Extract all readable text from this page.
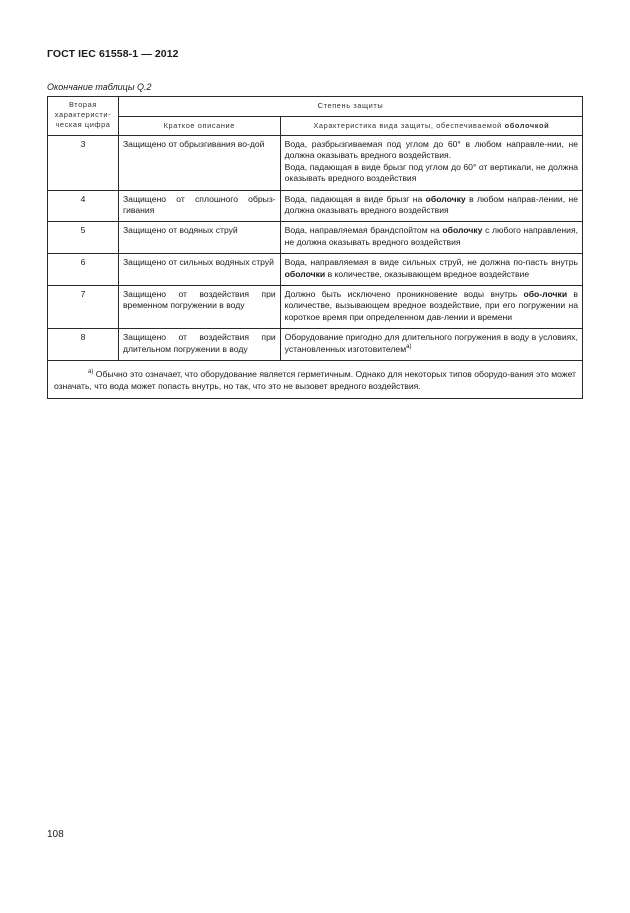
ГОСТ IEC 61558-1 — 2012
Окончание таблицы Q.2
Вторая характеристи-ческая цифра	Степень защиты	
	Краткое описание	Характеристика вида защиты, обеспечиваемой оболочкой
3	Защищено от обрызгивания во-дой	Вода, разбрызгиваемая под углом до 60° в любом направле-нии, не должна оказывать вредного воздействия.
Вода, падающая в виде брызг под углом до 60° от вертикали, не должна оказывать вредного воздействия

4	Защищено от сплошного обрыз-гивания	Вода, падающая в виде брызг на оболочку в любом направ-лении, не должна оказывать вредного воздействия
5	Защищено от водяных струй	Вода, направляемая брандспойтом на оболочку с любого направления, не должна оказывать вредного воздействия
6	Защищено от сильных водяных струй	Вода, направляемая в виде сильных струй, не должна по-пасть внутрь оболочки в количестве, оказывающем вредное воздействие
7	Защищено от воздействия при временном погружении в воду	Должно быть исключено проникновение воды внутрь обо-лочки в количестве, вызывающем вредное воздействие, при его погружении на короткое время при определенном дав-лении и времени
8	Защищено от воздействия при длительном погружении в воду	Оборудование пригодно для длительного погружения в воду в условиях, установленных изготовителем$^{a)}$
$^{a)}$ Обычно это означает, что оборудование является герметичным. Однако для некоторых типов оборудо-вания это может означать, что вода может попасть внутрь, но так, что это не вызовет вредного воздействия.		
108
